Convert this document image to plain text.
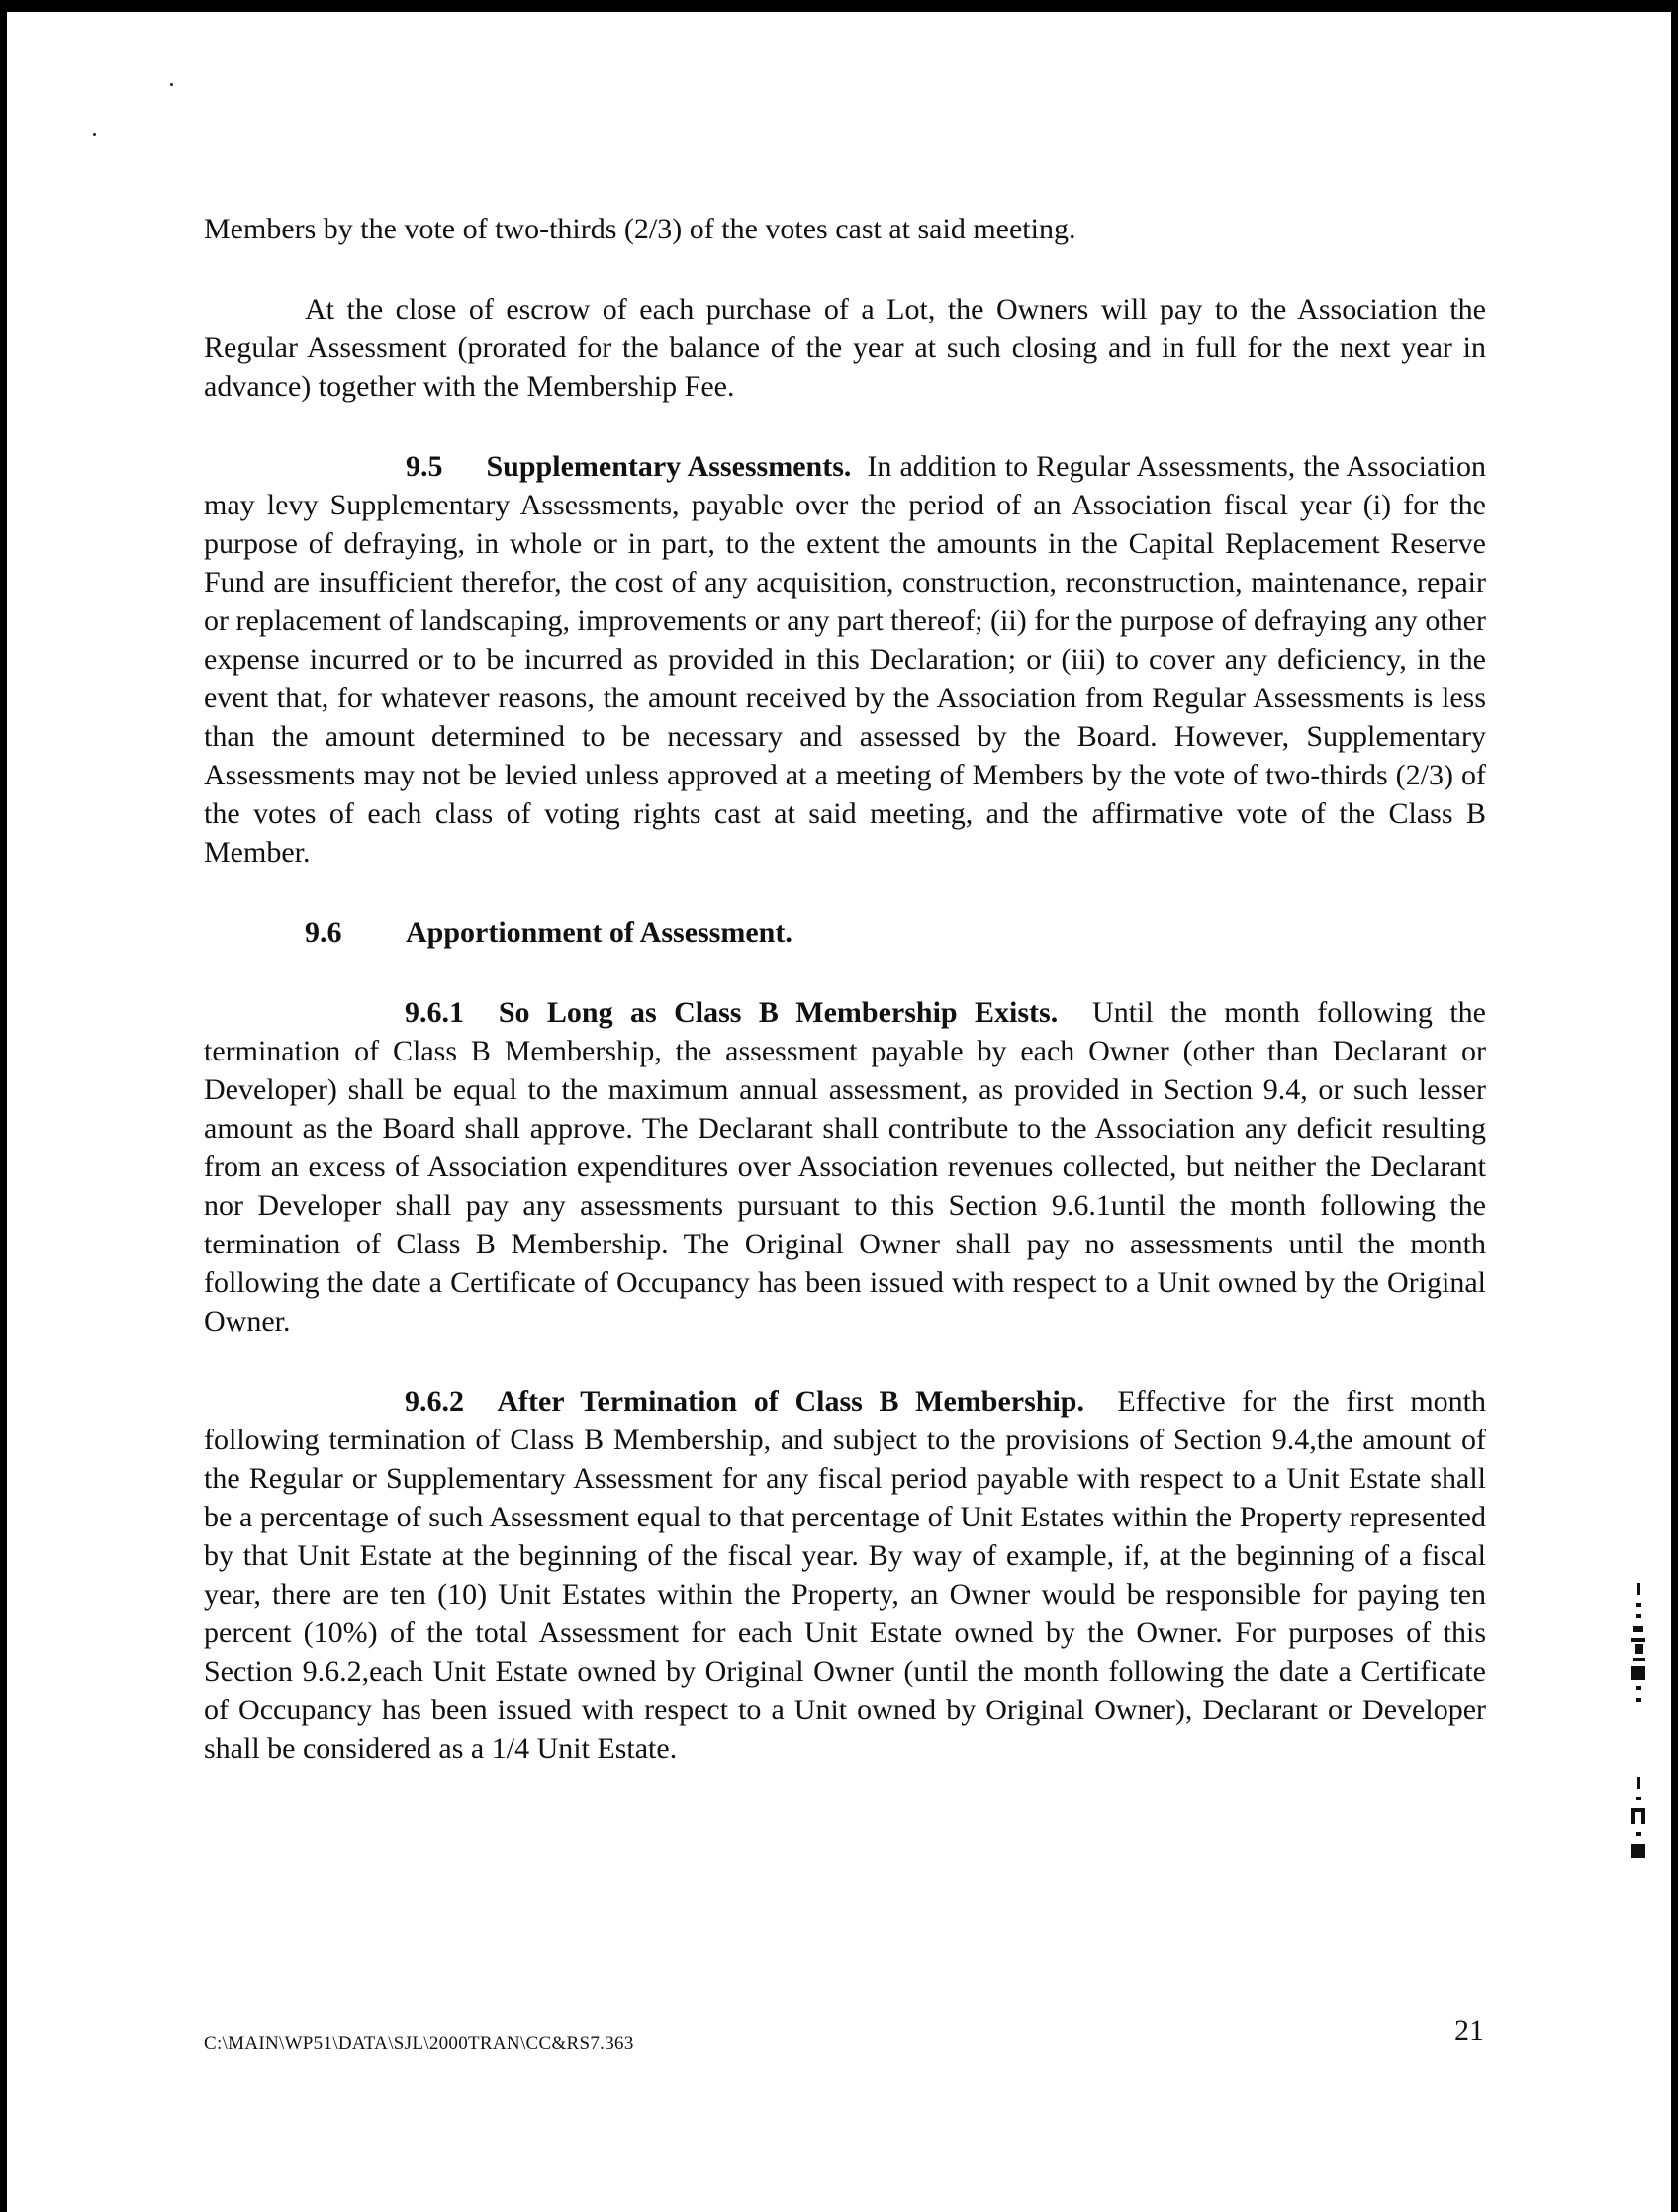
Members by the vote of two-thirds (2/3) of the votes cast at said meeting.

At the close of escrow of each purchase of a Lot, the Owners will pay to the Association the Regular Assessment (prorated for the balance of the year at such closing and in full for the next year in advance) together with the Membership Fee.

9.5 Supplementary Assessments. In addition to Regular Assessments, the Association may levy Supplementary Assessments, payable over the period of an Association fiscal year (i) for the purpose of defraying, in whole or in part, to the extent the amounts in the Capital Replacement Reserve Fund are insufficient therefor, the cost of any acquisition, construction, reconstruction, maintenance, repair or replacement of landscaping, improvements or any part thereof; (ii) for the purpose of defraying any other expense incurred or to be incurred as provided in this Declaration; or (iii) to cover any deficiency, in the event that, for whatever reasons, the amount received by the Association from Regular Assessments is less than the amount determined to be necessary and assessed by the Board. However, Supplementary Assessments may not be levied unless approved at a meeting of Members by the vote of two-thirds (2/3) of the votes of each class of voting rights cast at said meeting, and the affirmative vote of the Class B Member.

9.6 Apportionment of Assessment.

9.6.1 So Long as Class B Membership Exists. Until the month following the termination of Class B Membership, the assessment payable by each Owner (other than Declarant or Developer) shall be equal to the maximum annual assessment, as provided in Section 9.4, or such lesser amount as the Board shall approve. The Declarant shall contribute to the Association any deficit resulting from an excess of Association expenditures over Association revenues collected, but neither the Declarant nor Developer shall pay any assessments pursuant to this Section 9.6.1until the month following the termination of Class B Membership. The Original Owner shall pay no assessments until the month following the date a Certificate of Occupancy has been issued with respect to a Unit owned by the Original Owner.

9.6.2 After Termination of Class B Membership. Effective for the first month following termination of Class B Membership, and subject to the provisions of Section 9.4,the amount of the Regular or Supplementary Assessment for any fiscal period payable with respect to a Unit Estate shall be a percentage of such Assessment equal to that percentage of Unit Estates within the Property represented by that Unit Estate at the beginning of the fiscal year. By way of example, if, at the beginning of a fiscal year, there are ten (10) Unit Estates within the Property, an Owner would be responsible for paying ten percent (10%) of the total Assessment for each Unit Estate owned by the Owner. For purposes of this Section 9.6.2,each Unit Estate owned by Original Owner (until the month following the date a Certificate of Occupancy has been issued with respect to a Unit owned by Original Owner), Declarant or Developer shall be considered as a 1/4 Unit Estate.

C:\MAIN\WP51\DATA\SJL\2000TRAN\CC&RS7.363	21
